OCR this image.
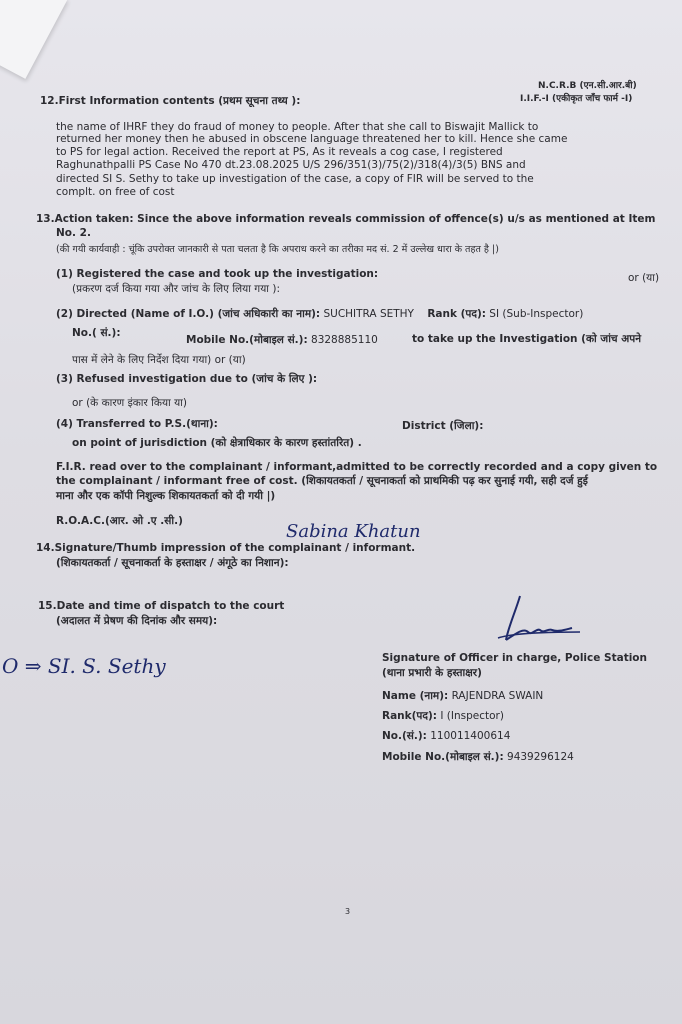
N.C.R.B (एन.सी.आर.बी)
I.I.F.-I (एकीकृत जाँच फार्म -I)
12.First Information contents (प्रथम सूचना तथ्य ):
the name of IHRF they do fraud of money to people. After that she call to Biswajit Mallick to
returned her money then he abused in obscene language threatened her to kill. Hence she came
to PS for legal action. Received the report at PS, As it reveals a cog case, I registered
Raghunathpalli PS Case No 470 dt.23.08.2025 U/S 296/351(3)/75(2)/318(4)/3(5) BNS and
directed SI S. Sethy to take up investigation of the case, a copy of FIR will be served to the
complt. on free of cost
13.Action taken: Since the above information reveals commission of offence(s) u/s as mentioned at Item
No. 2.
(की गयी कार्यवाही : चूंकि उपरोक्त जानकारी से पता चलता है कि अपराध करने का तरीका मद सं. 2 में उल्लेख धारा के तहत है |)
(1) Registered the case and took up the investigation:	or (या)
(प्रकरण दर्ज किया गया और जांच के लिए लिया गया ):
(2) Directed (Name of I.O.) (जांच अधिकारी का नाम): SUCHITRA SETHY Rank (पद): SI (Sub-Inspector)
No.( सं.):
Mobile No.(मोबाइल सं.): 8328885110	to take up the Investigation (को जांच अपने
पास में लेने के लिए निर्देश दिया गया) or (या)
(3) Refused investigation due to (जांच के लिए ):
or (के कारण इंकार किया या)
(4) Transferred to P.S.(थाना):	District (जिला):
on point of jurisdiction (को क्षेत्राधिकार के कारण हस्तांतरित) .
F.I.R. read over to the complainant / informant,admitted to be correctly recorded and a copy given to
the complainant / informant free of cost. (शिकायतकर्ता / सूचनाकर्ता को प्राथमिकी पढ़ कर सुनाई गयी, सही दर्ज हुई
माना और एक कॉपी निशुल्क शिकायतकर्ता को दी गयी |)
R.O.A.C.(आर. ओ .ए .सी.)	Sabina Khatun
14.Signature/Thumb impression of the complainant / informant.
(शिकायतकर्ता / सूचनाकर्ता के हस्ताक्षर / अंगूठे का निशान):
15.Date and time of dispatch to the court
(अदालत में प्रेषण की दिनांक और समय):
Signature of Officer in charge, Police Station
(थाना प्रभारी के हस्ताक्षर)
Name (नाम): RAJENDRA SWAIN
Rank(पद): I (Inspector)
No.(सं.): 110011400614
Mobile No.(मोबाइल सं.): 9439296124
O ⇒ SI. S. Sethy
3
